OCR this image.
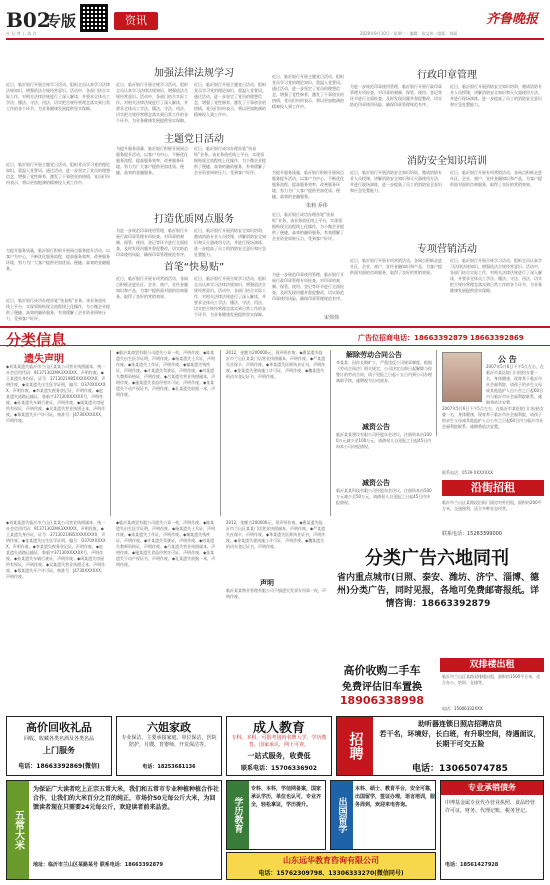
B02
专版
社 记 者 上 落 吉
资讯	齐鲁晚报
2020年9月10日 · 星期二 · 编辑：张文伟 · 组版：刘丽
近日，临沂银行开展合规学习活动，组织全员认真学习法律法规知识，增强依法合规经营意识。活动中，各部门结合实际工作，对相关法律法规进行了深入解读，并要求全体员工学法、懂法、守法、用法，切实把合规经营理念落实到日常工作的各个环节，为业务健康发展提供坚实保障。
近日，临沂银行开展主题党日活动，组织党员学习党的理论知识，重温入党誓词。通过活动，进一步坚定了党员的理想信念，增强了党性修养，激发了干事创业的热情，党员们纷纷表示，将以更加饱满的精神投入到工作中。
为提升服务质量，临沂银行积极开展网点服务提升活动，以客户为中心，不断优化服务流程，提高服务效率，改善服务环境，努力为广大客户提供更加优质、便捷、高效的金融服务。
近日，临沂银行成功办理首笔“快易贴”业务。该业务依托线上平台，实现票据贴现全流程线上化操作，为小微企业提供了便捷、高效的融资服务，有效缓解了企业资金周转压力，受到客户好评。
加强法律法规学习
近日，临沂银行开展合规学习活动，组织全员认真学习法律法规知识，增强依法合规经营意识。活动中，各部门结合实际工作，对相关法律法规进行了深入解读，并要求全体员工学法、懂法、守法、用法，切实把合规经营理念落实到日常工作的各个环节，为业务健康发展提供坚实保障。
近日，临沂银行开展主题党日活动，组织党员学习党的理论知识，重温入党誓词。通过活动，进一步坚定了党员的理想信念，增强了党性修养，激发了干事创业的热情，党员们纷纷表示，将以更加饱满的精神投入到工作中。
主题党日活动
为提升服务质量，临沂银行积极开展网点服务提升活动，以客户为中心，不断优化服务流程，提高服务效率，改善服务环境，努力为广大客户提供更加优质、便捷、高效的金融服务。
近日，临沂银行成功办理首笔“快易贴”业务。该业务依托线上平台，实现票据贴现全流程线上化操作，为小微企业提供了便捷、高效的融资服务，有效缓解了企业资金周转压力，受到客户好评。
打造优质网点服务
为进一步规范印章使用管理，临沂银行开展行政印章管理专项检查，对印章的刻制、保管、使用、登记等环节进行全面检查，及时发现问题并督促整改，切实防范印章使用风险，确保印章管理规范有序。
近日，临沂银行开展消防安全知识培训，邀请消防专业人员授课，讲解消防安全知识和灭火器使用方法，并进行现场演练，进一步提高了员工的消防安全意识和应急处置能力。
首笔“快易贴”
近日，临沂银行开展专项营销活动，各网点积极走进社区、企业、商户，宣传金融知识和产品，为客户提供面对面的咨询服务，取得了良好的营销效果。
近日，临沂银行开展合规学习活动，组织全员认真学习法律法规知识，增强依法合规经营意识。活动中，各部门结合实际工作，对相关法律法规进行了深入解读，并要求全体员工学法、懂法、守法、用法，切实把合规经营理念落实到日常工作的各个环节，为业务健康发展提供坚实保障。
近日，临沂银行开展主题党日活动，组织党员学习党的理论知识，重温入党誓词。通过活动，进一步坚定了党员的理想信念，增强了党性修养，激发了干事创业的热情，党员们纷纷表示，将以更加饱满的精神投入到工作中。
为提升服务质量，临沂银行积极开展网点服务提升活动，以客户为中心，不断优化服务流程，提高服务效率，改善服务环境，努力为广大客户提供更加优质、便捷、高效的金融服务。
朱莉 乔伟
近日，临沂银行成功办理首笔“快易贴”业务。该业务依托线上平台，实现票据贴现全流程线上化操作，为小微企业提供了便捷、高效的融资服务，有效缓解了企业资金周转压力，受到客户好评。
为进一步规范印章使用管理，临沂银行开展行政印章管理专项检查，对印章的刻制、保管、使用、登记等环节进行全面检查，及时发现问题并督促整改，切实防范印章使用风险，确保印章管理规范有序。
宋伟伟
行政印章管理
为进一步规范印章使用管理，临沂银行开展行政印章管理专项检查，对印章的刻制、保管、使用、登记等环节进行全面检查，及时发现问题并督促整改，切实防范印章使用风险，确保印章管理规范有序。
近日，临沂银行开展消防安全知识培训，邀请消防专业人员授课，讲解消防安全知识和灭火器使用方法，并进行现场演练，进一步提高了员工的消防安全意识和应急处置能力。
消防安全知识培训
近日，临沂银行开展消防安全知识培训，邀请消防专业人员授课，讲解消防安全知识和灭火器使用方法，并进行现场演练，进一步提高了员工的消防安全意识和应急处置能力。
近日，临沂银行开展专项营销活动，各网点积极走进社区、企业、商户，宣传金融知识和产品，为客户提供面对面的咨询服务，取得了良好的营销效果。
专项营销活动
近日，临沂银行开展专项营销活动，各网点积极走进社区、企业、商户，宣传金融知识和产品，为客户提供面对面的咨询服务，取得了良好的营销效果。
近日，临沂银行开展合规学习活动，组织全员认真学习法律法规知识，增强依法合规经营意识。活动中，各部门结合实际工作，对相关法律法规进行了深入解读，并要求全体员工学法、懂法、守法、用法，切实把合规经营理念落实到日常工作的各个环节，为业务健康发展提供坚实保障。
分类信息	广告位招商电话：18663392879 18663392869
遗失声明
◆刘某某遗失临沂市兰山区某某公司营业执照副本，统一社会信用代码：91371302MA3XXXXX，声明作废。◆王某遗失身份证，证号：3713021985XXXXXXXX，声明作废。◆张某遗失出生医学证明，编号：O370XXXXXX，声明作废。◆李某遗失税务登记证，声明作废。◆赵某遗失道路运输证，鲁临字37130XXXXXX号，声明作废。◆孙某遗失车辆行驶证，声明作废。◆周某遗失房屋所有权证，声明作废。◆吴某遗失营业执照正本，声明作废。◆郑某遗失开户许可证，核准号：J4730XXXXXX，声明作废。
◆临沂某商贸有限公司遗失公章一枚，声明作废。◆陈某遗失出生医学证明，声明作废。◆杨某遗失士兵证，声明作废。◆朱某遗失工作证，声明作废。◆秦某遗失残疾证，声明作废。◆许某遗失驾驶证，声明作废。◆何某遗失教师资格证，声明作废。◆吕某遗失营业执照副本，声明作废。◆施某遗失食品经营许可证，声明作废。◆张某遗失不动产权证书，声明作废。◆孔某遗失收据一本，声明作废。
2012，金额为200000元，现声明作废。◆曹某遗失临沂市兰山区某某门店营业执照副本，声明作废。◆严某遗失社保卡，声明作废。◆华某遗失医师执业证书，声明作废。◆金某遗失建筑施工许可证，声明作废。◆魏某遗失机动车登记证书，声明作废。
解除劳动合同公告
李某某：因你长期旷工，严重违反公司规章制度，根据《劳动合同法》相关规定，公司决定自即日起解除与你签订的劳动合同，请于见报之日起十五日内到公司办理离职手续，逾期视为自动放弃。
减资公告
临沂某某建设有限公司经股东会决议，注册资本由1000万元减少至100万元，请债权人自见报之日起45日内向本公司申报债权。
减资公告
临沂某某科技有限公司经股东会决议，注册资本由500万元减少至50万元，请债权人自见报之日起45日内申报债权。
公 告
2007年5月6日下午5点左右，在临沂市某医院门口捡拾女婴一名，身体健康，现寄养于临沂市社会福利院，请孩子的亲生父母或其他监护人自公告之日起60日内与临沂市社会福利院联系，逾期将依法安置。
2007年5月6日下午5点左右，在临沂市某医院门口捡拾女婴一名，身体健康，现寄养于临沂市社会福利院，请孩子的亲生父母或其他监护人自公告之日起60日内与临沂市社会福利院联系，逾期将依法安置。
◆临沂某商贸有限公司遗失公章一枚，声明作废。◆陈某遗失出生医学证明，声明作废。◆杨某遗失士兵证，声明作废。◆朱某遗失工作证，声明作废。◆秦某遗失残疾证，声明作废。◆许某遗失驾驶证，声明作废。◆何某遗失教师资格证，声明作废。◆吕某遗失营业执照副本，声明作废。◆施某遗失食品经营许可证，声明作废。◆张某遗失不动产权证书，声明作废。◆孔某遗失收据一本，声明作废。
2012，金额为200000元，现声明作废。◆曹某遗失临沂市兰山区某某门店营业执照副本，声明作废。◆严某遗失社保卡，声明作废。◆华某遗失医师执业证书，声明作废。◆金某遗失建筑施工许可证，声明作废。◆魏某遗失机动车登记证书，声明作废。
声明
临沂某某物业管理有限公司不慎遗失发票专用章一枚，声明作废。
◆刘某某遗失临沂市兰山区某某公司营业执照副本，统一社会信用代码：91371302MA3XXXXX，声明作废。◆王某遗失身份证，证号：3713021985XXXXXXXX，声明作废。◆张某遗失出生医学证明，编号：O370XXXXXX，声明作废。◆李某遗失税务登记证，声明作废。◆赵某遗失道路运输证，鲁临字37130XXXXXX号，声明作废。◆孙某遗失车辆行驶证，声明作废。◆周某遗失房屋所有权证，声明作废。◆吴某遗失营业执照正本，声明作废。◆郑某遗失开户许可证，核准号：J4730XXXXXX，声明作废。
联系电话：0539-XXXXXXX
沿街招租
临沂市兰山区某路段沿街门面房对外招租，面积约200平方米，交通便利，适合多种业态经营。
联系电话：15263399000
分类广告六地同刊
省内重点城市(日照、泰安、潍坊、济宁、淄博、德州)分类广告，同时见报，各地可免费邮寄报纸。详情咨询：18663392879
高价收购二手车
免费评估旧车置换
18906338998
双排楼出租
临沂市兰山区某路双排楼出租，面积约1500平方米，适合办公、培训、仓储等。
电话：15006332XXX
高价回收礼品
回收、收藏各类名酒及各类名品
上门服务
电话：18663392869(微信)
六姐家政
专业保洁、主要承接家庭、单位保洁，医院陪护，月嫂、育婴师、开荒保洁等。
电话：18253681136
成人教育
专科、本科，可报考国内名牌大学，学历教育，国家承认，网上可查。
一站式服务，收费低
联系电话：15706336902
招聘
助听器连锁日照店招聘店员
若干名，环境好，长白班，有升职空间，待遇面议，长期干可交五险
电话：13065074785
五常大米
为保证广大读者吃上正宗五常大米，我们和五常市专业种植种植合作社合作，让我们的大米百分之百的纯正，市场价50元每公斤大米，为回馈读者现在只需要24元每公斤，欢迎读者前来品尝。
地址：临沂市兰山区某路某号 联系电话：18663392879
学历教育
专科、本科，学信网备案，国家承认学历，单位也认可，专业齐全，轻松拿证，学历提升。	出国留学
本科、硕士、教育平台，安全可靠，出国留学，签证办理，语言培训，服务周到，欢迎来电咨询。
山东远华教育咨询有限公司
电话：15762309798、13306333270(微信同号)
专业承销债务
中博基金属专业代办营业执照、食品经营许可证，财务、代理记账，税务登记。
电话：18561427928
